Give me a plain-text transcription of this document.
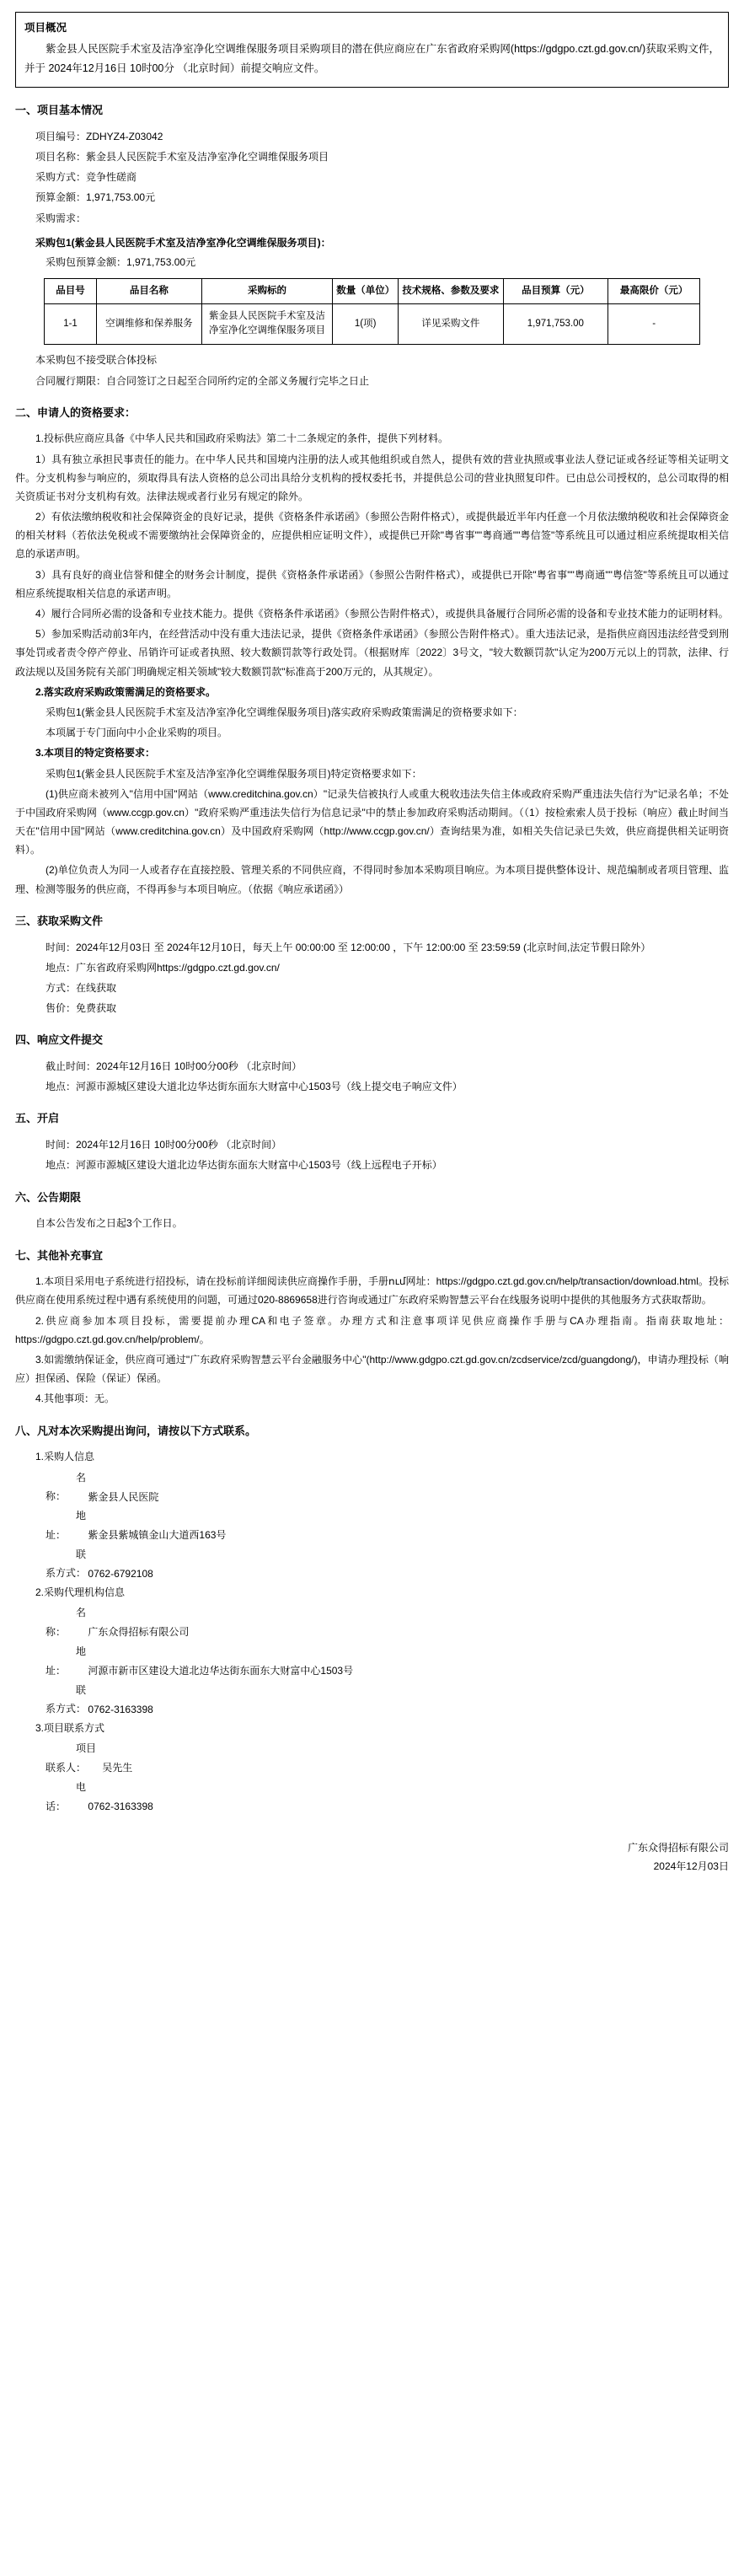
项目概况
紫金县人民医院手术室及洁净室净化空调维保服务项目采购项目的潜在供应商应在广东省政府采购网(https://gdgpo.czt.gd.gov.cn/)获取采购文件，并于 2024年12月16日 10时00分 （北京时间）前提交响应文件。
一、项目基本情况

项目编号：ZDHYZ4-Z03042

项目名称：紫金县人民医院手术室及洁净室净化空调维保服务项目

采购方式：竞争性磋商

预算金额：1,971,753.00元

采购需求：

采购包1(紫金县人民医院手术室及洁净室净化空调维保服务项目)：

采购包预算金额：1,971,753.00元

品目号	品目名称	采购标的	数量（单位）	技术规格、参数及要求	品目预算（元）	最高限价（元）
1-1	空调维修和保养服务	紫金县人民医院手术室及洁净室净化空调维保服务项目	1(项)	详见采购文件	1,971,753.00	-

本采购包不接受联合体投标

合同履行期限：自合同签订之日起至合同所约定的全部义务履行完毕之日止

二、申请人的资格要求：

1.投标供应商应具备《中华人民共和国政府采购法》第二十二条规定的条件，提供下列材料。

1）具有独立承担民事责任的能力。在中华人民共和国境内注册的法人或其他组织或自然人，提供有效的营业执照或事业法人登记证或各经证等相关证明文件。分支机构参与响应的，须取得具有法人资格的总公司出具给分支机构的授权委托书，并提供总公司的营业执照复印件。已由总公司授权的，总公司取得的相关资质证书对分支机构有效。法律法规或者行业另有规定的除外。

2）有依法缴纳税收和社会保障资金的良好记录，提供《资格条件承诺函》（参照公告附件格式），或提供最近半年内任意一个月依法缴纳税收和社会保障资金的相关材料（若依法免税或不需要缴纳社会保障资金的，应提供相应证明文件），或提供已开除"粤省事""粤商通""粤信签"等系统且可以通过相应系统提取相关信息的承诺声明。

3）具有良好的商业信誉和健全的财务会计制度，提供《资格条件承诺函》（参照公告附件格式），或提供已开除"粤省事""粤商通""粤信签"等系统且可以通过相应系统提取相关信息的承诺声明。

4）履行合同所必需的设备和专业技术能力。提供《资格条件承诺函》（参照公告附件格式），或提供具备履行合同所必需的设备和专业技术能力的证明材料。

5）参加采购活动前3年内，在经营活动中没有重大违法记录，提供《资格条件承诺函》（参照公告附件格式）。重大违法记录，是指供应商因违法经营受到刑事处罚或者责令停产停业、吊销许可证或者执照、较大数额罚款等行政处罚。（根据财库〔2022〕3号文，"较大数额罚款"认定为200万元以上的罚款，法律、行政法规以及国务院有关部门明确规定相关领域"较大数额罚款"标准高于200万元的，从其规定）。

2.落实政府采购政策需满足的资格要求。

采购包1(紫金县人民医院手术室及洁净室净化空调维保服务项目)落实政府采购政策需满足的资格要求如下：

本项属于专门面向中小企业采购的项目。

3.本项目的特定资格要求：

采购包1(紫金县人民医院手术室及洁净室净化空调维保服务项目)特定资格要求如下：

(1)供应商未被列入"信用中国"网站（www.creditchina.gov.cn）"记录失信被执行人或重大税收违法失信主体或政府采购严重违法失信行为"记录名单；不处于中国政府采购网（www.ccgp.gov.cn）"政府采购严重违法失信行为信息记录"中的禁止参加政府采购活动期间。（（1）按检索索人员于投标（响应）截止时间当天在"信用中国"网站（www.creditchina.gov.cn）及中国政府采购网（http://www.ccgp.gov.cn/）查询结果为准，如相关失信记录已失效，供应商提供相关证明资料）。

(2)单位负责人为同一人或者存在直接控股、管理关系的不同供应商，不得同时参加本采购项目响应。为本项目提供整体设计、规范编制或者项目管理、监理、检测等服务的供应商，不得再参与本项目响应。（依据《响应承诺函》）

三、获取采购文件

时间：2024年12月03日 至 2024年12月10日，每天上午 00:00:00 至 12:00:00 ，下午 12:00:00 至 23:59:59 (北京时间,法定节假日除外）

地点：广东省政府采购网https://gdgpo.czt.gd.gov.cn/

方式：在线获取

售价：免费获取

四、响应文件提交

截止时间：2024年12月16日 10时00分00秒 （北京时间）

地点：河源市源城区建设大道北边华达街东面东大财富中心1503号（线上提交电子响应文件）

五、开启

时间：2024年12月16日 10时00分00秒 （北京时间）

地点：河源市源城区建设大道北边华达街东面东大财富中心1503号（线上远程电子开标）

六、公告期限

自本公告发布之日起3个工作日。

七、其他补充事宜

1.本项目采用电子系统进行招投标，请在投标前详细阅读供应商操作手册，手册ում网址：https://gdgpo.czt.gd.gov.cn/help/transaction/download.html。投标供应商在使用系统过程中遇有系统使用的问题，可通过020-8869658进行咨询或通过广东政府采购智慧云平台在线服务说明中提供的其他服务方式获取帮助。

2.供应商参加本项目投标，需要提前办理CA和电子签章。办理方式和注意事项详见供应商操作手册与CA办理指南。指南获取地址：https://gdgpo.czt.gd.gov.cn/help/problem/。

3.如需缴纳保证金，供应商可通过"广东政府采购智慧云平台金融服务中心"(http://www.gdgpo.czt.gd.gov.cn/zcdservice/zcd/guangdong/)，申请办理投标（响应）担保函、保险（保证）保函。

4.其他事项：无。

八、凡对本次采购提出询问，请按以下方式联系。

1.采购人信息

名　　称： 紫金县人民医院

地　　址： 紫金县紫城镇金山大道西163号

联系方式： 0762-6792108

2.采购代理机构信息

名　　称： 广东众得招标有限公司

地　　址： 河源市新市区建设大道北边华达街东面东大财富中心1503号

联系方式： 0762-3163398

3.项目联系方式

项目联系人： 吴先生

电　　话： 0762-3163398

广东众得招标有限公司
2024年12月03日
